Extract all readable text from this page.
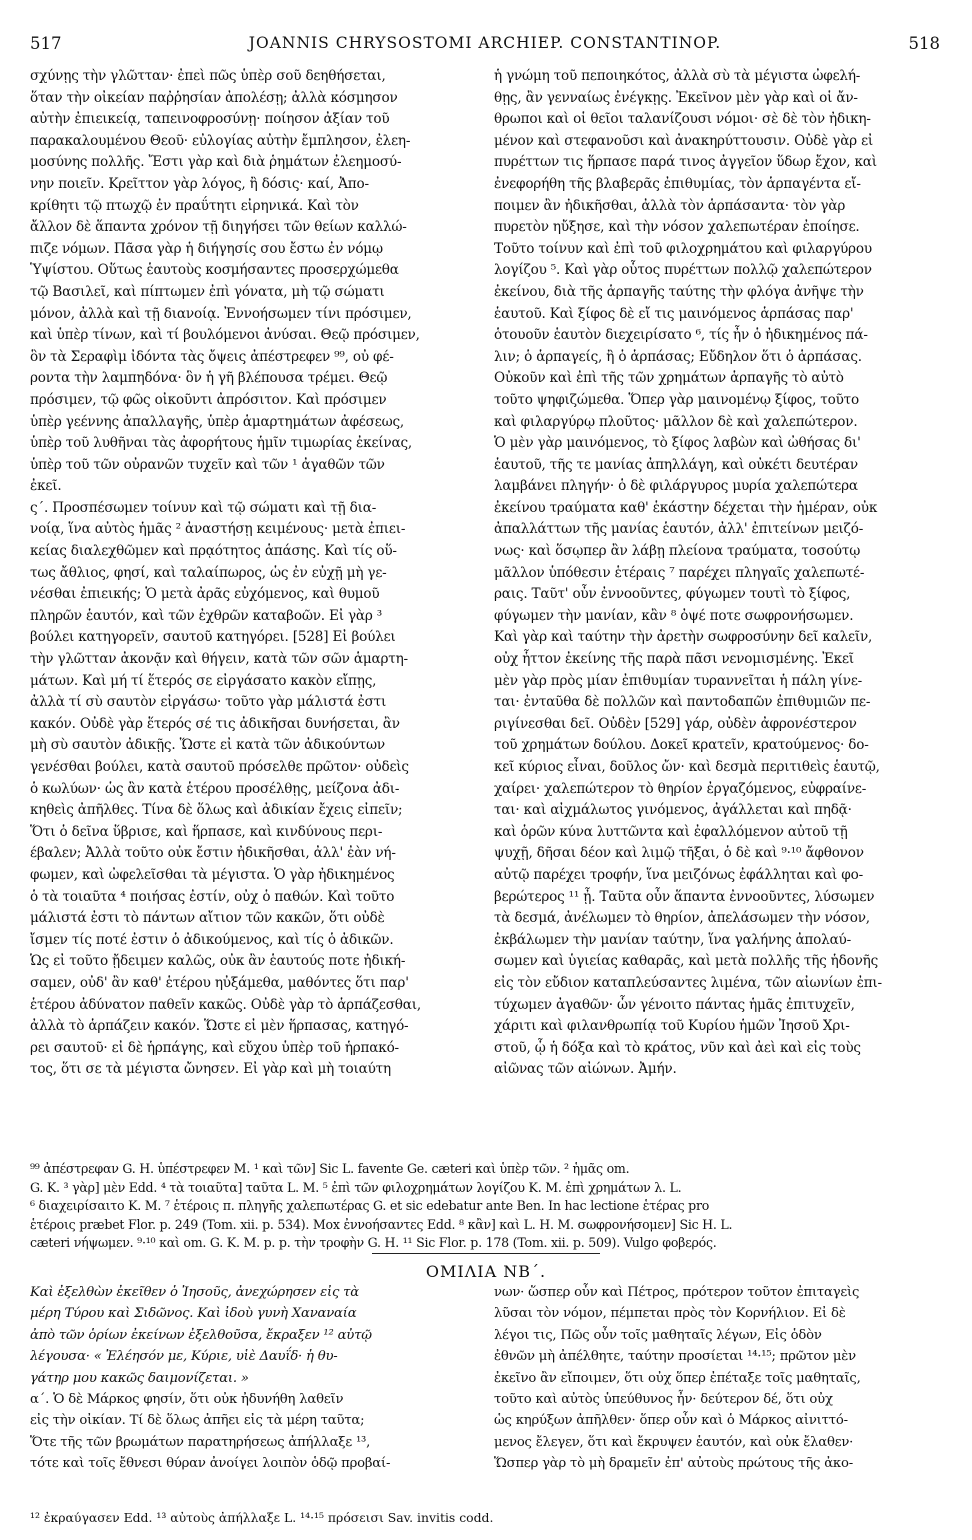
517	JOANNIS CHRYSOSTOMI ARCHIEP. CONSTANTINOP.	518
σχύνῃς τὴν γλῶτταν· ἐπεὶ πῶς ὑπὲρ σοῦ δεηθήσεται,
ὅταν τὴν οἰκείαν παῤῥησίαν ἀπολέσῃ; ἀλλὰ κόσμησον
αὐτὴν ἐπιεικείᾳ, ταπεινοφροσύνῃ· ποίησον ἀξίαν τοῦ
παρακαλουμένου Θεοῦ· εὐλογίας αὐτὴν ἔμπλησον, ἐλεη-
μοσύνης πολλῆς. Ἔστι γὰρ καὶ διὰ ῥημάτων ἐλεημοσύ-
νην ποιεῖν. Κρεῖττον γὰρ λόγος, ἢ δόσις· καί, Ἀπο-
κρίθητι τῷ πτωχῷ ἐν πραΰτητι εἰρηνικά. Καὶ τὸν
ἄλλον δὲ ἅπαντα χρόνον τῇ διηγήσει τῶν θείων καλλώ-
πιζε νόμων. Πᾶσα γὰρ ἡ διήγησίς σου ἔστω ἐν νόμῳ
Ὑψίστου. Οὕτως ἑαυτοὺς κοσμήσαντες προσερχώμεθα
τῷ Βασιλεῖ, καὶ πίπτωμεν ἐπὶ γόνατα, μὴ τῷ σώματι
μόνον, ἀλλὰ καὶ τῇ διανοίᾳ. Ἐννοήσωμεν τίνι πρόσιμεν,
καὶ ὑπὲρ τίνων, καὶ τί βουλόμενοι ἀνύσαι. Θεῷ πρόσιμεν,
ὃν τὰ Σεραφὶμ ἰδόντα τὰς ὄψεις ἀπέστρεφεν ⁹⁹, οὐ φέ-
ροντα τὴν λαμπηδόνα· ὃν ἡ γῆ βλέπουσα τρέμει. Θεῷ
πρόσιμεν, τῷ φῶς οἰκοῦντι ἀπρόσιτον. Καὶ πρόσιμεν
ὑπὲρ γεέννης ἀπαλλαγῆς, ὑπὲρ ἁμαρτημάτων ἀφέσεως,
ὑπὲρ τοῦ λυθῆναι τὰς ἀφορήτους ἡμῖν τιμωρίας ἐκείνας,
ὑπὲρ τοῦ τῶν οὐρανῶν τυχεῖν καὶ τῶν ¹ ἀγαθῶν τῶν
ἐκεῖ.
ς΄. Προσπέσωμεν τοίνυν καὶ τῷ σώματι καὶ τῇ δια-
νοίᾳ, ἵνα αὐτὸς ἡμᾶς ² ἀναστήσῃ κειμένους· μετὰ ἐπιει-
κείας διαλεχθῶμεν καὶ πρᾳότητος ἁπάσης. Καὶ τίς οὕ-
τως ἄθλιος, φησί, καὶ ταλαίπωρος, ὡς ἐν εὐχῇ μὴ γε-
νέσθαι ἐπιεικής; Ὁ μετὰ ἀρᾶς εὐχόμενος, καὶ θυμοῦ
πληρῶν ἑαυτόν, καὶ τῶν ἐχθρῶν καταβοῶν. Εἰ γὰρ ³
βούλει κατηγορεῖν, σαυτοῦ κατηγόρει. [528] Εἰ βούλει
τὴν γλῶτταν ἀκονᾷν καὶ θήγειν, κατὰ τῶν σῶν ἁμαρτη-
μάτων. Καὶ μή τί ἕτερός σε εἰργάσατο κακὸν εἴπῃς,
ἀλλὰ τί σὺ σαυτὸν εἰργάσω· τοῦτο γὰρ μάλιστά ἐστι
κακόν. Οὐδὲ γὰρ ἕτερός σέ τις ἀδικῆσαι δυνήσεται, ἂν
μὴ σὺ σαυτὸν ἀδικῇς. Ὥστε εἰ κατὰ τῶν ἀδικούντων
γενέσθαι βούλει, κατὰ σαυτοῦ πρόσελθε πρῶτον· οὐδεὶς
ὁ κωλύων· ὡς ἂν κατὰ ἑτέρου προσέλθῃς, μείζονα ἀδι-
κηθεὶς ἀπῆλθες. Τίνα δὲ ὅλως καὶ ἀδικίαν ἔχεις εἰπεῖν;
Ὅτι ὁ δεῖνα ὕβρισε, καὶ ἥρπασε, καὶ κινδύνους περι-
έβαλεν; Ἀλλὰ τοῦτο οὐκ ἔστιν ἠδικῆσθαι, ἀλλ' ἐὰν νή-
φωμεν, καὶ ὠφελεῖσθαι τὰ μέγιστα. Ὁ γὰρ ἠδικημένος
ὁ τὰ τοιαῦτα ⁴ ποιήσας ἐστίν, οὐχ ὁ παθών. Καὶ τοῦτο
μάλιστά ἐστι τὸ πάντων αἴτιον τῶν κακῶν, ὅτι οὐδὲ
ἴσμεν τίς ποτέ ἐστιν ὁ ἀδικούμενος, καὶ τίς ὁ ἀδικῶν.
Ὡς εἰ τοῦτο ᾔδειμεν καλῶς, οὐκ ἂν ἑαυτούς ποτε ἠδική-
σαμεν, οὐδ' ἂν καθ' ἑτέρου ηὐξάμεθα, μαθόντες ὅτι παρ'
ἑτέρου ἀδύνατον παθεῖν κακῶς. Οὐδὲ γὰρ τὸ ἁρπάζεσθαι,
ἀλλὰ τὸ ἁρπάζειν κακόν. Ὥστε εἰ μὲν ἥρπασας, κατηγό-
ρει σαυτοῦ· εἰ δὲ ἡρπάγης, καὶ εὔχου ὑπὲρ τοῦ ἡρπακό-
τος, ὅτι σε τὰ μέγιστα ὤνησεν. Εἰ γὰρ καὶ μὴ τοιαύτη
ἡ γνώμη τοῦ πεποιηκότος, ἀλλὰ σὺ τὰ μέγιστα ὠφελή-
θῃς, ἂν γενναίως ἐνέγκῃς. Ἐκεῖνον μὲν γὰρ καὶ οἱ ἄν-
θρωποι καὶ οἱ θεῖοι ταλανίζουσι νόμοι· σὲ δὲ τὸν ἠδικη-
μένον καὶ στεφανοῦσι καὶ ἀνακηρύττουσιν. Οὐδὲ γὰρ εἰ
πυρέττων τις ἥρπασε παρά τινος ἀγγεῖον ὕδωρ ἔχον, καὶ
ἐνεφορήθη τῆς βλαβερᾶς ἐπιθυμίας, τὸν ἁρπαγέντα εἴ-
ποιμεν ἂν ἠδικῆσθαι, ἀλλὰ τὸν ἁρπάσαντα· τὸν γὰρ
πυρετὸν ηὔξησε, καὶ τὴν νόσον χαλεπωτέραν ἐποίησε.
Τοῦτο τοίνυν καὶ ἐπὶ τοῦ φιλοχρημάτου καὶ φιλαργύρου
λογίζου ⁵. Καὶ γὰρ οὗτος πυρέττων πολλῷ χαλεπώτερον
ἐκείνου, διὰ τῆς ἁρπαγῆς ταύτης τὴν φλόγα ἀνῆψε τὴν
ἑαυτοῦ. Καὶ ξίφος δὲ εἴ τις μαινόμενος ἁρπάσας παρ'
ὁτουοῦν ἑαυτὸν διεχειρίσατο ⁶, τίς ἦν ὁ ἠδικημένος πά-
λιν; ὁ ἁρπαγείς, ἢ ὁ ἁρπάσας; Εὔδηλον ὅτι ὁ ἁρπάσας.
Οὐκοῦν καὶ ἐπὶ τῆς τῶν χρημάτων ἁρπαγῆς τὸ αὐτὸ
τοῦτο ψηφιζώμεθα. Ὅπερ γὰρ μαινομένῳ ξίφος, τοῦτο
καὶ φιλαργύρῳ πλοῦτος· μᾶλλον δὲ καὶ χαλεπώτερον.
Ὁ μὲν γὰρ μαινόμενος, τὸ ξίφος λαβὼν καὶ ὠθήσας δι'
ἑαυτοῦ, τῆς τε μανίας ἀπηλλάγη, καὶ οὐκέτι δευτέραν
λαμβάνει πληγήν· ὁ δὲ φιλάργυρος μυρία χαλεπώτερα
ἐκείνου τραύματα καθ' ἑκάστην δέχεται τὴν ἡμέραν, οὐκ
ἀπαλλάττων τῆς μανίας ἑαυτόν, ἀλλ' ἐπιτείνων μειζό-
νως· καὶ ὅσῳπερ ἂν λάβῃ πλείονα τραύματα, τοσούτῳ
μᾶλλον ὑπόθεσιν ἑτέραις ⁷ παρέχει πληγαῖς χαλεπωτέ-
ραις. Ταῦτ' οὖν ἐννοοῦντες, φύγωμεν τουτὶ τὸ ξίφος,
φύγωμεν τὴν μανίαν, κἂν ⁸ ὀψέ ποτε σωφρονήσωμεν.
Καὶ γὰρ καὶ ταύτην τὴν ἀρετὴν σωφροσύνην δεῖ καλεῖν,
οὐχ ἧττον ἐκείνης τῆς παρὰ πᾶσι νενομισμένης. Ἐκεῖ
μὲν γὰρ πρὸς μίαν ἐπιθυμίαν τυραννεῖται ἡ πάλη γίνε-
ται· ἐνταῦθα δὲ πολλῶν καὶ παντοδαπῶν ἐπιθυμιῶν πε-
ριγίνεσθαι δεῖ. Οὐδὲν [529] γάρ, οὐδὲν ἀφρονέστερον
τοῦ χρημάτων δούλου. Δοκεῖ κρατεῖν, κρατούμενος· δο-
κεῖ κύριος εἶναι, δοῦλος ὤν· καὶ δεσμὰ περιτιθεὶς ἑαυτῷ,
χαίρει· χαλεπώτερον τὸ θηρίον ἐργαζόμενος, εὐφραίνε-
ται· καὶ αἰχμάλωτος γινόμενος, ἀγάλλεται καὶ πηδᾷ·
καὶ ὁρῶν κύνα λυττῶντα καὶ ἐφαλλόμενον αὐτοῦ τῇ
ψυχῇ, δῆσαι δέον καὶ λιμῷ τῆξαι, ὁ δὲ καὶ ⁹·¹⁰ ἄφθονον
αὐτῷ παρέχει τροφήν, ἵνα μειζόνως ἐφάλληται καὶ φο-
βερώτερος ¹¹ ᾖ. Ταῦτα οὖν ἅπαντα ἐννοοῦντες, λύσωμεν
τὰ δεσμά, ἀνέλωμεν τὸ θηρίον, ἀπελάσωμεν τὴν νόσον,
ἐκβάλωμεν τὴν μανίαν ταύτην, ἵνα γαλήνης ἀπολαύ-
σωμεν καὶ ὑγιείας καθαρᾶς, καὶ μετὰ πολλῆς τῆς ἡδονῆς
εἰς τὸν εὔδιον καταπλεύσαντες λιμένα, τῶν αἰωνίων ἐπι-
τύχωμεν ἀγαθῶν· ὧν γένοιτο πάντας ἡμᾶς ἐπιτυχεῖν,
χάριτι καὶ φιλανθρωπίᾳ τοῦ Κυρίου ἡμῶν Ἰησοῦ Χρι-
στοῦ, ᾧ ἡ δόξα καὶ τὸ κράτος, νῦν καὶ ἀεὶ καὶ εἰς τοὺς
αἰῶνας τῶν αἰώνων. Ἀμήν.
⁹⁹ ἀπέστρεφαν G. H. ὑπέστρεφεν M. ¹ καὶ τῶν] Sic L. favente Ge. cæteri καὶ ὑπὲρ τῶν. ² ἡμᾶς om.
G. K. ³ γὰρ] μὲν Edd. ⁴ τὰ τοιαῦτα] ταῦτα L. M. ⁵ ἐπὶ τῶν φιλοχρημάτων λογίζου K. M. ἐπὶ χρημάτων λ. L.
⁶ διαχειρίσαιτο K. M. ⁷ ἑτέροις π. πληγῆς χαλεπωτέρας G. et sic edebatur ante Ben. In hac lectione ἑτέρας pro
ἑτέροις præbet Flor. p. 249 (Tom. xii. p. 534). Mox ἐννοήσαντες Edd. ⁸ κἂν] καὶ L. H. M. σωφρονήσομεν] Sic H. L.
cæteri νήψωμεν. ⁹·¹⁰ καὶ om. G. K. M. p. p. τὴν τροφὴν G. H. ¹¹ Sic Flor. p. 178 (Tom. xii. p. 509). Vulgo φοβερός.
ΟΜΙΛΙΑ ΝΒ΄.
Καὶ ἐξελθὼν ἐκεῖθεν ὁ Ἰησοῦς, ἀνεχώρησεν εἰς τὰ
μέρη Τύρου καὶ Σιδῶνος. Καὶ ἰδοὺ γυνὴ Χαναναία
ἀπὸ τῶν ὁρίων ἐκείνων ἐξελθοῦσα, ἔκραξεν ¹² αὐτῷ
λέγουσα· « Ἐλέησόν με, Κύριε, υἱὲ Δαυΐδ· ἡ θυ-
γάτηρ μου κακῶς δαιμονίζεται. »
α΄. Ὁ δὲ Μάρκος φησίν, ὅτι οὐκ ἠδυνήθη λαθεῖν
εἰς τὴν οἰκίαν. Τί δὲ ὅλως ἀπῆει εἰς τὰ μέρη ταῦτα;
Ὅτε τῆς τῶν βρωμάτων παρατηρήσεως ἀπήλλαξε ¹³,
τότε καὶ τοῖς ἔθνεσι θύραν ἀνοίγει λοιπὸν ὁδῷ προβαί-
νων· ὥσπερ οὖν καὶ Πέτρος, πρότερον τοῦτον ἐπιταγεὶς
λῦσαι τὸν νόμον, πέμπεται πρὸς τὸν Κορνήλιον. Εἰ δὲ
λέγοι τις, Πῶς οὖν τοῖς μαθηταῖς λέγων, Εἰς ὁδὸν
ἐθνῶν μὴ ἀπέλθητε, ταύτην προσίεται ¹⁴·¹⁵; πρῶτον μὲν
ἐκεῖνο ἂν εἴποιμεν, ὅτι οὐχ ὅπερ ἐπέταξε τοῖς μαθηταῖς,
τοῦτο καὶ αὐτὸς ὑπεύθυνος ἦν· δεύτερον δέ, ὅτι οὐχ
ὡς κηρύξων ἀπῆλθεν· ὅπερ οὖν καὶ ὁ Μάρκος αἰνιττό-
μενος ἔλεγεν, ὅτι καὶ ἔκρυψεν ἑαυτόν, καὶ οὐκ ἔλαθεν·
Ὥσπερ γὰρ τὸ μὴ δραμεῖν ἐπ' αὐτοὺς πρώτους τῆς ἀκο-
¹² ἐκραύγασεν Edd. ¹³ αὐτοὺς ἀπήλλαξε L. ¹⁴·¹⁵ πρόσεισι Sav. invitis codd.
